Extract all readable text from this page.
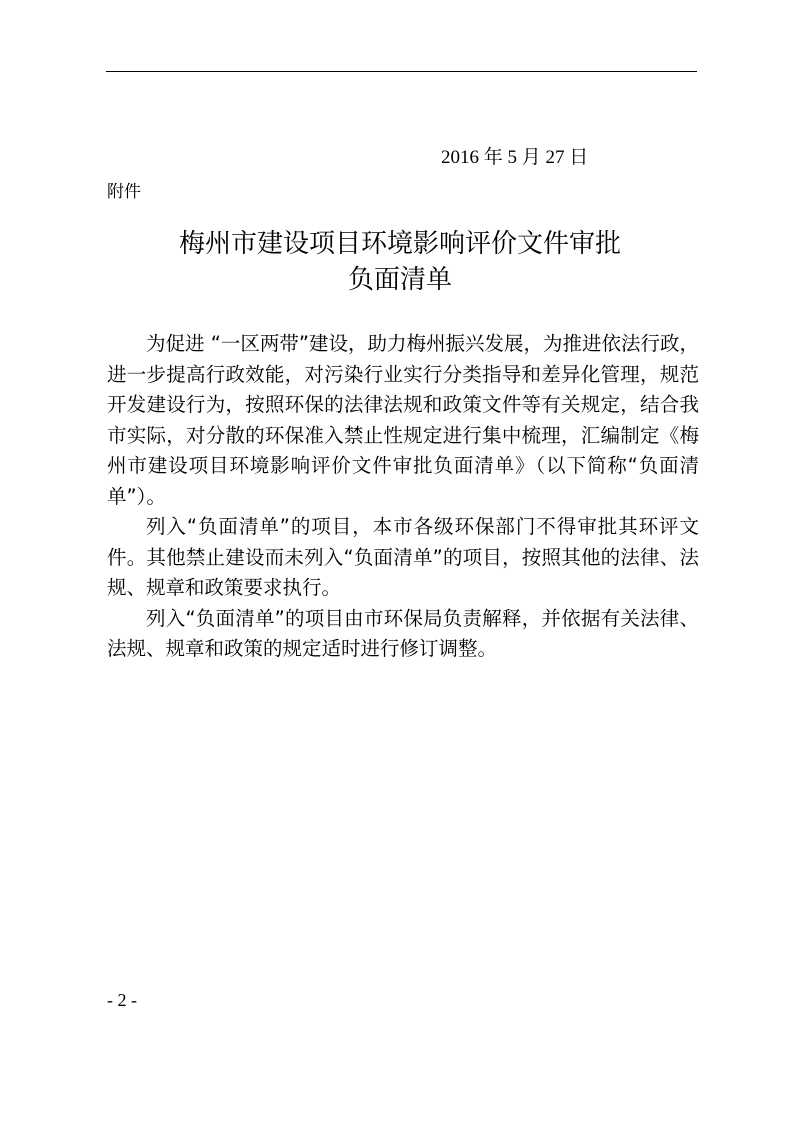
2016 年 5 月 27 日
附件
梅州市建设项目环境影响评价文件审批
负面清单

为促进 “一区两带”建设，助力梅州振兴发展，为推进依法行政，进一步提高行政效能，对污染行业实行分类指导和差异化管理，规范开发建设行为，按照环保的法律法规和政策文件等有关规定，结合我市实际，对分散的环保准入禁止性规定进行集中梳理，汇编制定《梅州市建设项目环境影响评价文件审批负面清单》（以下简称“负面清单”）。

列入“负面清单”的项目，本市各级环保部门不得审批其环评文件。其他禁止建设而未列入“负面清单”的项目，按照其他的法律、法规、规章和政策要求执行。

列入“负面清单”的项目由市环保局负责解释，并依据有关法律、法规、规章和政策的规定适时进行修订调整。

- 2 -
